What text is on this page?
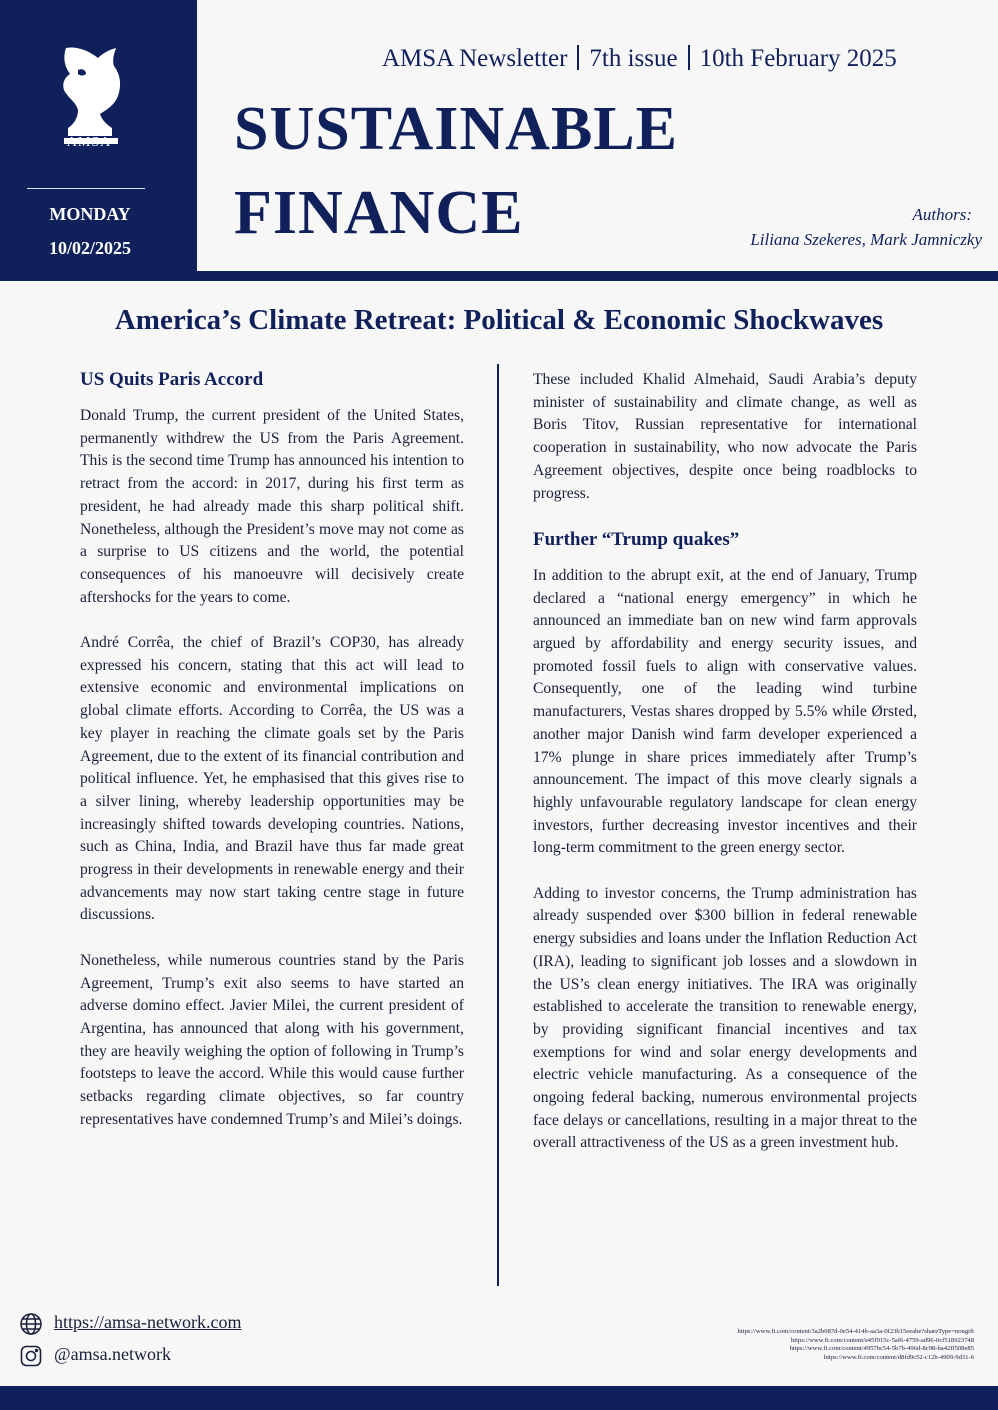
AMSA
MONDAY
10/02/2025
AMSA Newsletter 7th issue 10th February 2025
SUSTAINABLE
FINANCE	Authors:
Liliana Szekeres, Mark Jamniczky
America’s Climate Retreat: Political & Economic Shockwaves
US Quits Paris Accord

Donald Trump, the current president of the United States, permanently withdrew the US from the Paris Agreement. This is the second time Trump has announced his intention to retract from the accord: in 2017, during his first term as president, he had already made this sharp political shift. Nonetheless, although the President’s move may not come as a surprise to US citizens and the world, the potential consequences of his manoeuvre will decisively create aftershocks for the years to come.

André Corrêa, the chief of Brazil’s COP30, has already expressed his concern, stating that this act will lead to extensive economic and environmental implications on global climate efforts. According to Corrêa, the US was a key player in reaching the climate goals set by the Paris Agreement, due to the extent of its financial contribution and political influence. Yet, he emphasised that this gives rise to a silver lining, whereby leadership opportunities may be increasingly shifted towards developing countries. Nations, such as China, India, and Brazil have thus far made great progress in their developments in renewable energy and their advancements may now start taking centre stage in future discussions.

Nonetheless, while numerous countries stand by the Paris Agreement, Trump’s exit also seems to have started an adverse domino effect. Javier Milei, the current president of Argentina, has announced that along with his government, they are heavily weighing the option of following in Trump’s footsteps to leave the accord. While this would cause further setbacks regarding climate objectives, so far country representatives have condemned Trump’s and Milei’s doings.

These included Khalid Almehaid, Saudi Arabia’s deputy minister of sustainability and climate change, as well as Boris Titov, Russian representative for international cooperation in sustainability, who now advocate the Paris Agreement objectives, despite once being roadblocks to progress.

Further “Trump quakes”

In addition to the abrupt exit, at the end of January, Trump declared a “national energy emergency” in which he announced an immediate ban on new wind farm approvals argued by affordability and energy security issues, and promoted fossil fuels to align with conservative values. Consequently, one of the leading wind turbine manufacturers, Vestas shares dropped by 5.5% while Ørsted, another major Danish wind farm developer experienced a 17% plunge in share prices immediately after Trump’s announcement. The impact of this move clearly signals a highly unfavourable regulatory landscape for clean energy investors, further decreasing investor incentives and their long-term commitment to the green energy sector.

Adding to investor concerns, the Trump administration has already suspended over $300 billion in federal renewable energy subsidies and loans under the Inflation Reduction Act (IRA), leading to significant job losses and a slowdown in the US’s clean energy initiatives. The IRA was originally established to accelerate the transition to renewable energy, by providing significant financial incentives and tax exemptions for wind and solar energy developments and electric vehicle manufacturing. As a consequence of the ongoing federal backing, numerous environmental projects face delays or cancellations, resulting in a major threat to the overall attractiveness of the US as a green investment hub.

https://amsa-network.com
@amsa.network
https://www.ft.com/content/3a2b087d-0e54-414b-aa3a-0f23b15eeabe?shareType=nongift
https://www.ft.com/content/e45f915c-5af6-4759-ad96-0cf518923748
https://www.ft.com/content/4957bc54-5b7b-496d-8c98-ba42ff508e85
https://www.ft.com/content/d8fd9c52-c12b-4909-9d31-6
